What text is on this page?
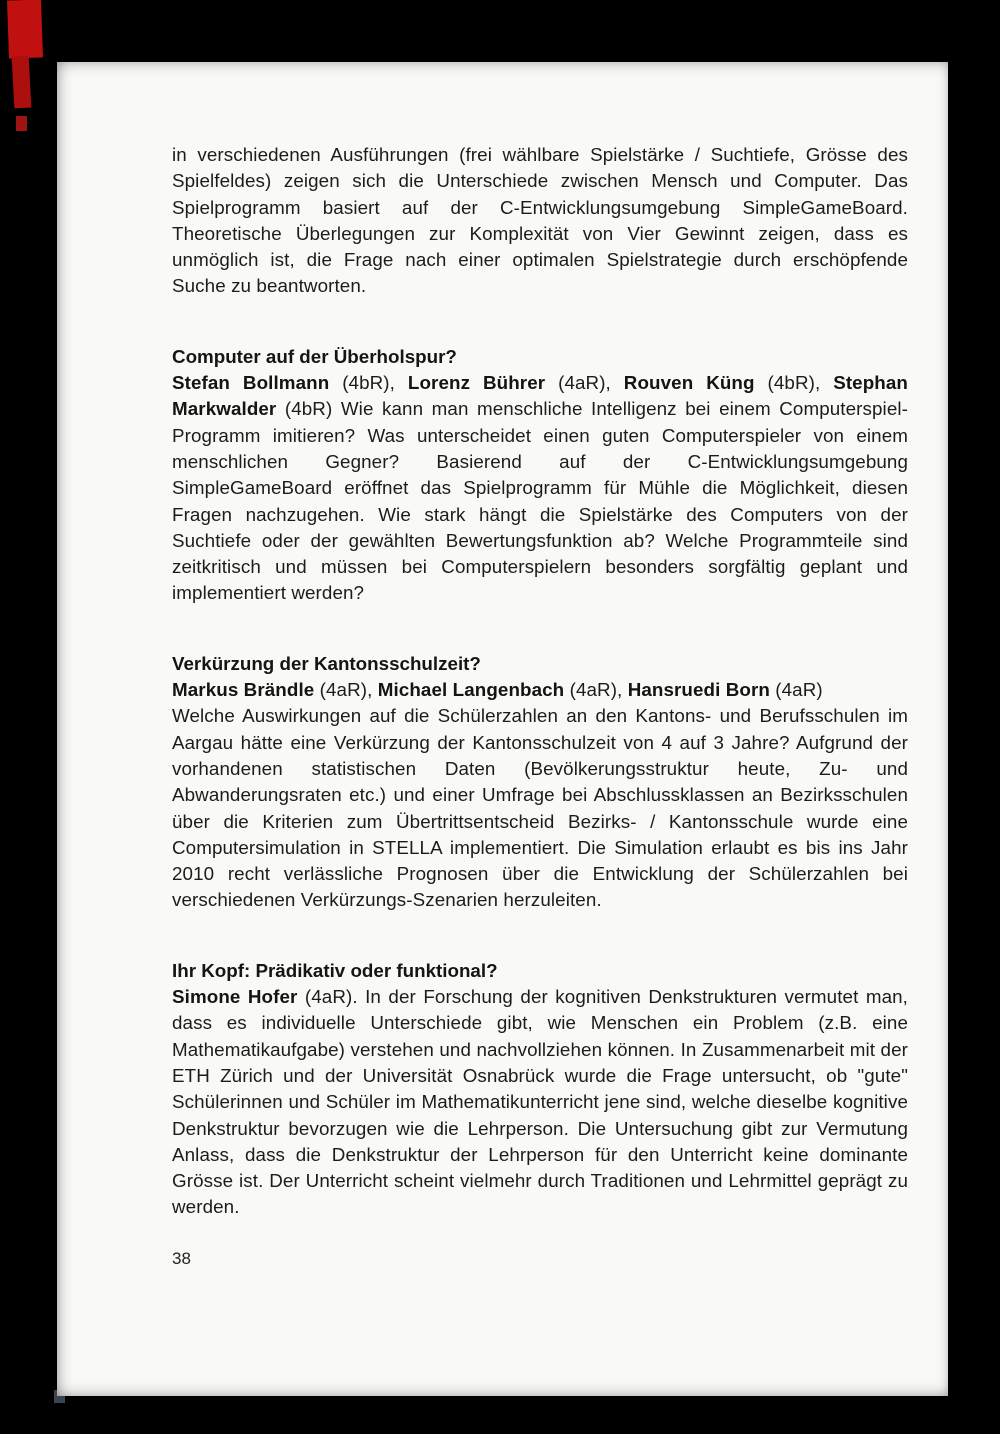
in verschiedenen Ausführungen (frei wählbare Spielstärke / Suchtiefe, Grösse des Spielfeldes) zeigen sich die Unterschiede zwischen Mensch und Computer. Das Spielprogramm basiert auf der C-Entwicklungsumgebung SimpleGameBoard. Theoretische Überlegungen zur Komplexität von Vier Gewinnt zeigen, dass es unmöglich ist, die Frage nach einer optimalen Spielstrategie durch erschöpfende Suche zu beantworten.

Computer auf der Überholspur?

Stefan Bollmann (4bR), Lorenz Bührer (4aR), Rouven Küng (4bR), Stephan Markwalder (4bR) Wie kann man menschliche Intelligenz bei einem Computerspiel-Programm imitieren? Was unterscheidet einen guten Computerspieler von einem menschlichen Gegner? Basierend auf der C-Entwicklungsumgebung SimpleGameBoard eröffnet das Spielprogramm für Mühle die Möglichkeit, diesen Fragen nachzugehen. Wie stark hängt die Spielstärke des Computers von der Suchtiefe oder der gewählten Bewertungsfunktion ab? Welche Programmteile sind zeitkritisch und müssen bei Computerspielern besonders sorgfältig geplant und implementiert werden?

Verkürzung der Kantonsschulzeit?

Markus Brändle (4aR), Michael Langenbach (4aR), Hansruedi Born (4aR)
Welche Auswirkungen auf die Schülerzahlen an den Kantons- und Berufsschulen im Aargau hätte eine Verkürzung der Kantonsschulzeit von 4 auf 3 Jahre? Aufgrund der vorhandenen statistischen Daten (Bevölkerungsstruktur heute, Zu- und Abwanderungsraten etc.) und einer Umfrage bei Abschlussklassen an Bezirksschulen über die Kriterien zum Übertrittsentscheid Bezirks- / Kantonsschule wurde eine Computersimulation in STELLA implementiert. Die Simulation erlaubt es bis ins Jahr 2010 recht verlässliche Prognosen über die Entwicklung der Schülerzahlen bei verschiedenen Verkürzungs-Szenarien herzuleiten.

Ihr Kopf: Prädikativ oder funktional?

Simone Hofer (4aR). In der Forschung der kognitiven Denkstrukturen vermutet man, dass es individuelle Unterschiede gibt, wie Menschen ein Problem (z.B. eine Mathematikaufgabe) verstehen und nachvollziehen können. In Zusammenarbeit mit der ETH Zürich und der Universität Osnabrück wurde die Frage untersucht, ob "gute" Schülerinnen und Schüler im Mathematikunterricht jene sind, welche dieselbe kognitive Denkstruktur bevorzugen wie die Lehrperson. Die Untersuchung gibt zur Vermutung Anlass, dass die Denkstruktur der Lehrperson für den Unterricht keine dominante Grösse ist. Der Unterricht scheint vielmehr durch Traditionen und Lehrmittel geprägt zu werden.

38
